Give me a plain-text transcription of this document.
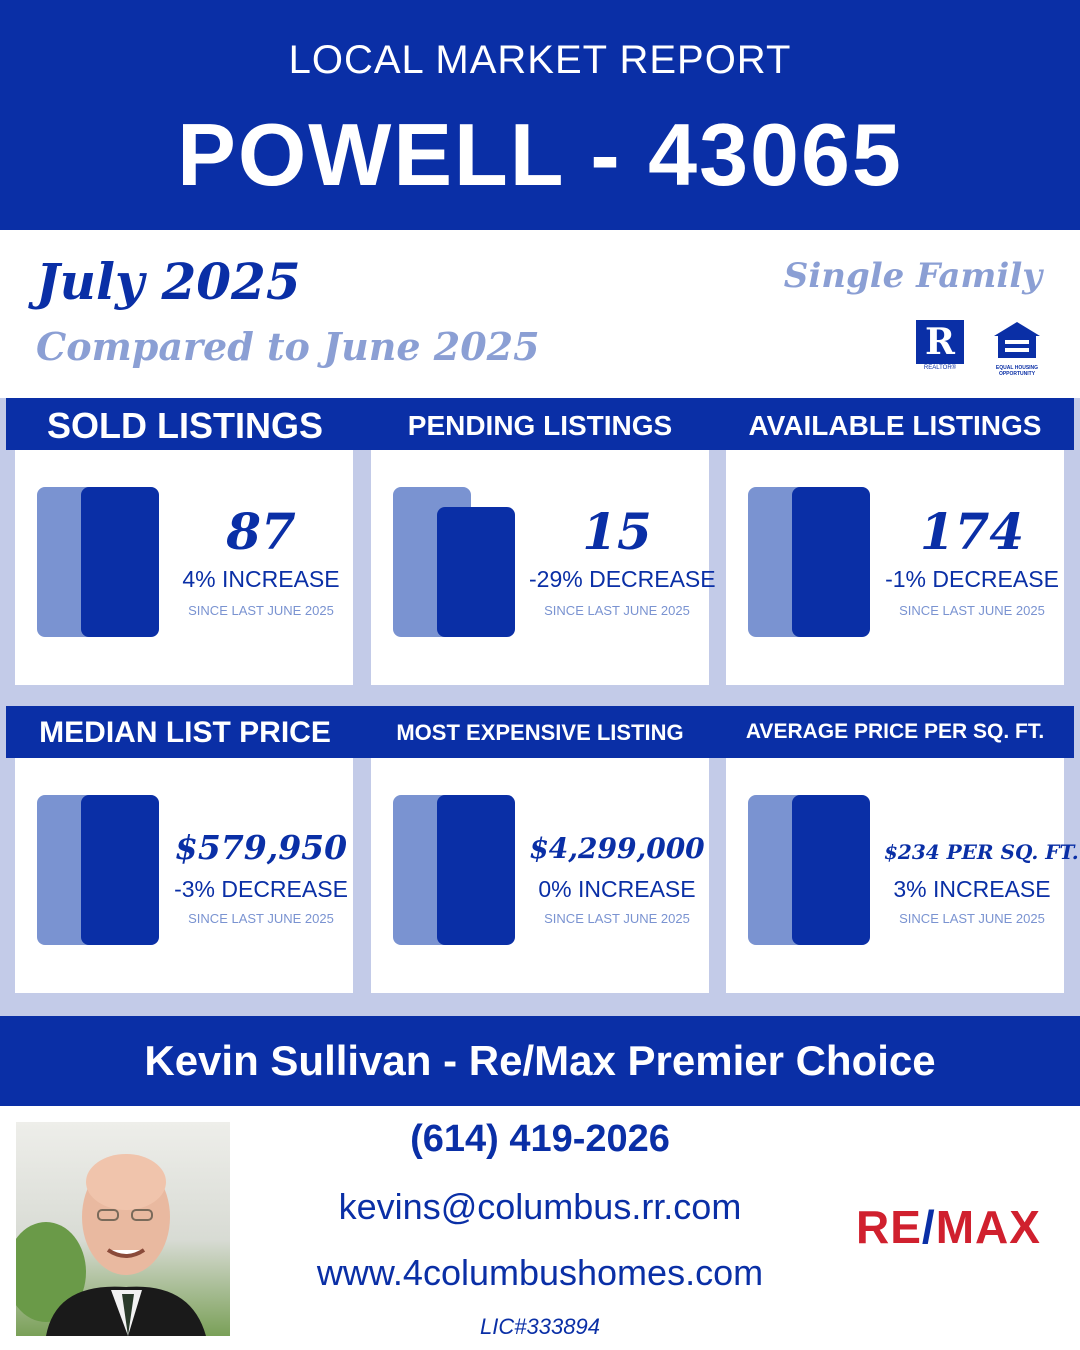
LOCAL MARKET REPORT
POWELL - 43065
July 2025
Compared to June 2025
Single Family
R
REALTOR®	EQUAL HOUSING OPPORTUNITY
SOLD LISTINGS	PENDING LISTINGS	AVAILABLE LISTINGS
MEDIAN LIST PRICE	MOST EXPENSIVE LISTING	AVERAGE PRICE PER SQ. FT.
87
4% INCREASE
SINCE LAST JUNE 2025
15
-29% DECREASE
SINCE LAST JUNE 2025
174
-1% DECREASE
SINCE LAST JUNE 2025
$579,950
-3% DECREASE
SINCE LAST JUNE 2025
$4,299,000
0% INCREASE
SINCE LAST JUNE 2025
$234 PER SQ. FT.
3% INCREASE
SINCE LAST JUNE 2025
Kevin Sullivan - Re/Max Premier Choice
(614) 419-2026
kevins@columbus.rr.com
www.4columbushomes.com
LIC#333894
RE/MAX
